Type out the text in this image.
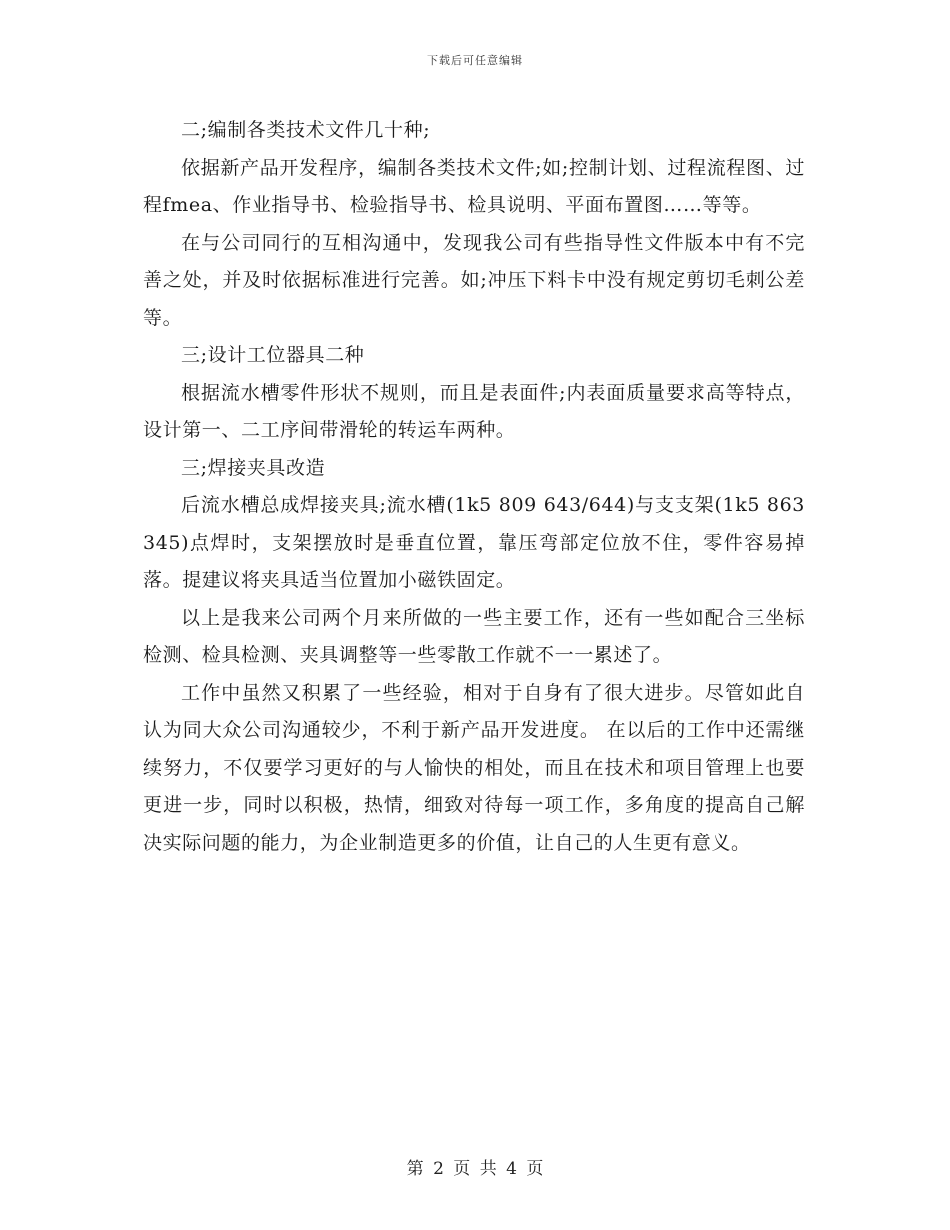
下载后可任意编辑

二;编制各类技术文件几十种;

依据新产品开发程序，编制各类技术文件;如;控制计划、过程流程图、过程fmea、作业指导书、检验指导书、检具说明、平面布置图……等等。

在与公司同行的互相沟通中，发现我公司有些指导性文件版本中有不完善之处，并及时依据标准进行完善。如;冲压下料卡中没有规定剪切毛刺公差等。

三;设计工位器具二种

根据流水槽零件形状不规则，而且是表面件;内表面质量要求高等特点，设计第一、二工序间带滑轮的转运车两种。

三;焊接夹具改造

后流水槽总成焊接夹具;流水槽(1k5 809 643/644)与支支架(1k5 863 345)点焊时，支架摆放时是垂直位置，靠压弯部定位放不住，零件容易掉落。提建议将夹具适当位置加小磁铁固定。

以上是我来公司两个月来所做的一些主要工作，还有一些如配合三坐标检测、检具检测、夹具调整等一些零散工作就不一一累述了。

工作中虽然又积累了一些经验，相对于自身有了很大进步。尽管如此自认为同大众公司沟通较少，不利于新产品开发进度。 在以后的工作中还需继续努力，不仅要学习更好的与人愉快的相处，而且在技术和项目管理上也要更进一步，同时以积极，热情，细致对待每一项工作，多角度的提高自己解决实际问题的能力，为企业制造更多的价值，让自己的人生更有意义。

第 2 页 共 4 页
